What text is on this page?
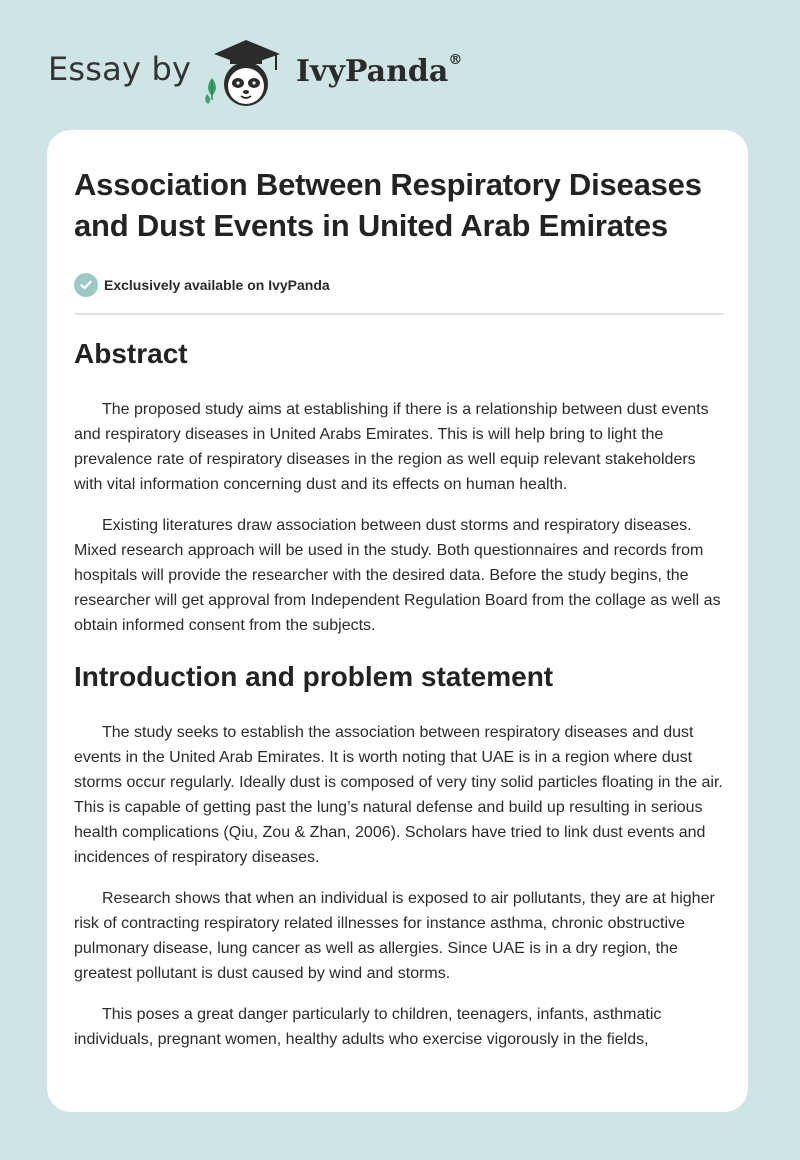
Essay by	IvyPanda®
Association Between Respiratory Diseases and Dust Events in United Arab Emirates
Exclusively available on IvyPanda
Abstract

The proposed study aims at establishing if there is a relationship between dust events and respiratory diseases in United Arabs Emirates. This is will help bring to light the prevalence rate of respiratory diseases in the region as well equip relevant stakeholders with vital information concerning dust and its effects on human health.

Existing literatures draw association between dust storms and respiratory diseases. Mixed research approach will be used in the study. Both questionnaires and records from hospitals will provide the researcher with the desired data. Before the study begins, the researcher will get approval from Independent Regulation Board from the collage as well as obtain informed consent from the subjects.

Introduction and problem statement

The study seeks to establish the association between respiratory diseases and dust events in the United Arab Emirates. It is worth noting that UAE is in a region where dust storms occur regularly. Ideally dust is composed of very tiny solid particles floating in the air. This is capable of getting past the lung’s natural defense and build up resulting in serious health complications (Qiu, Zou & Zhan, 2006). Scholars have tried to link dust events and incidences of respiratory diseases.

Research shows that when an individual is exposed to air pollutants, they are at higher risk of contracting respiratory related illnesses for instance asthma, chronic obstructive pulmonary disease, lung cancer as well as allergies. Since UAE is in a dry region, the greatest pollutant is dust caused by wind and storms.

This poses a great danger particularly to children, teenagers, infants, asthmatic individuals, pregnant women, healthy adults who exercise vigorously in the fields,
